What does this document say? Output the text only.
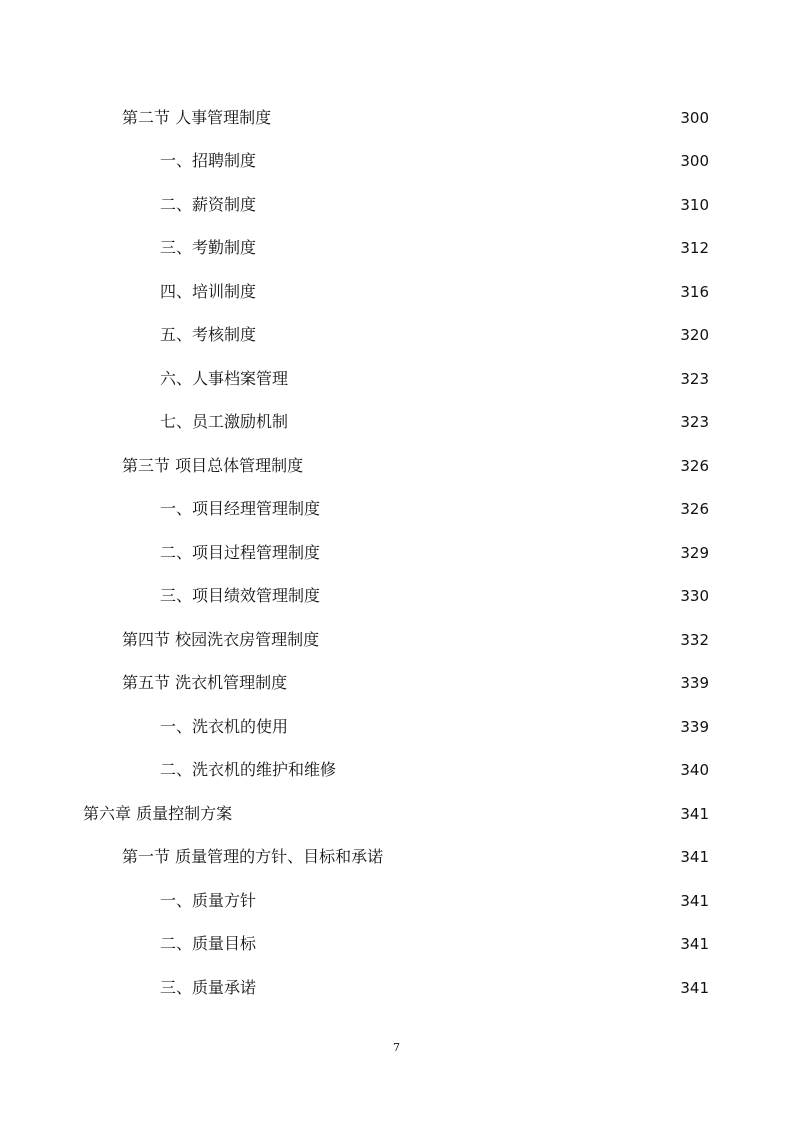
第二节 人事管理制度	300
一、招聘制度	300
二、薪资制度	310
三、考勤制度	312
四、培训制度	316
五、考核制度	320
六、人事档案管理	323
七、员工激励机制	323
第三节 项目总体管理制度	326
一、项目经理管理制度	326
二、项目过程管理制度	329
三、项目绩效管理制度	330
第四节 校园洗衣房管理制度	332
第五节 洗衣机管理制度	339
一、洗衣机的使用	339
二、洗衣机的维护和维修	340
第六章 质量控制方案	341
第一节 质量管理的方针、目标和承诺	341
一、质量方针	341
二、质量目标	341
三、质量承诺	341
7
